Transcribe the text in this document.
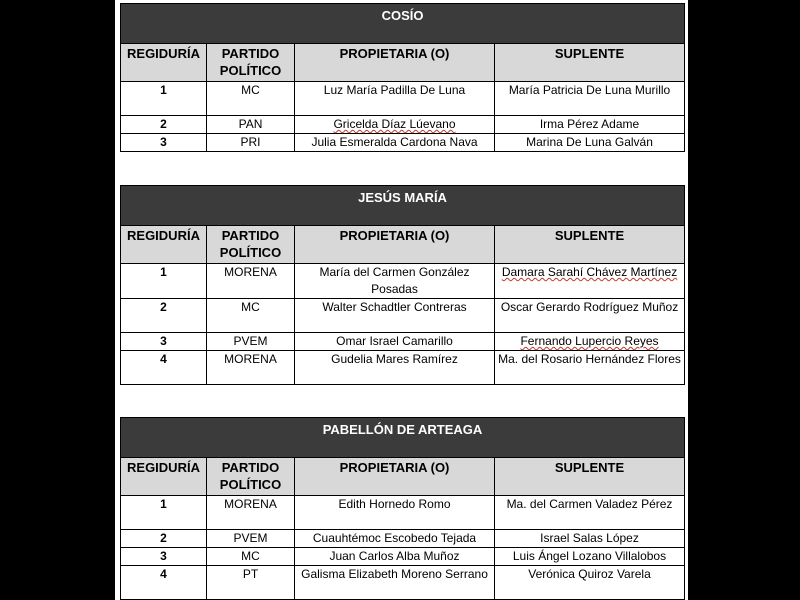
COSÍO			
REGIDURÍA	PARTIDO POLÍTICO	PROPIETARIA (O)	SUPLENTE
1	MC	Luz María Padilla De Luna	María Patricia De Luna Murillo
2	PAN	Gricelda Díaz Lúevano	Irma Pérez Adame
3	PRI	Julia Esmeralda Cardona Nava	Marina De Luna Galván
JESÚS MARÍA			
REGIDURÍA	PARTIDO POLÍTICO	PROPIETARIA (O)	SUPLENTE
1	MORENA	María del Carmen González Posadas	Damara Sarahí Chávez Martínez
2	MC	Walter Schadtler Contreras	Oscar Gerardo Rodríguez Muñoz
3	PVEM	Omar Israel Camarillo	Fernando Lupercio Reyes
4	MORENA	Gudelia Mares Ramírez	Ma. del Rosario Hernández Flores
PABELLÓN DE ARTEAGA			
REGIDURÍA	PARTIDO POLÍTICO	PROPIETARIA (O)	SUPLENTE
1	MORENA	Edith Hornedo Romo	Ma. del Carmen Valadez Pérez
2	PVEM	Cuauhtémoc Escobedo Tejada	Israel Salas López
3	MC	Juan Carlos Alba Muñoz	Luis Ángel Lozano Villalobos
4	PT	Galisma Elizabeth Moreno Serrano	Verónica Quiroz Varela
